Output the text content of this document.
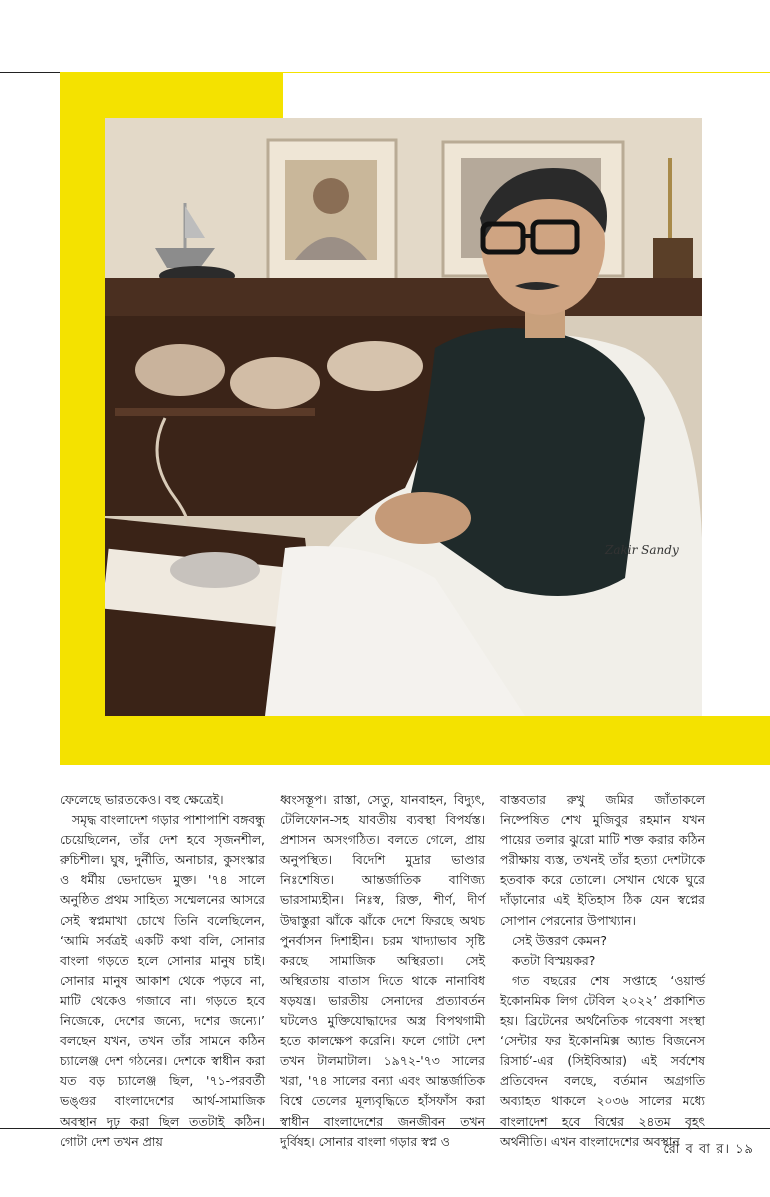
Zakir Sandy

ফেলেছে ভারতকেও। বহু ক্ষেত্রেই।

সমৃদ্ধ বাংলাদেশ গড়ার পাশাপাশি বঙ্গবন্ধু চেয়েছিলেন, তাঁর দেশ হবে সৃজনশীল, রুচিশীল। ঘুষ, দুর্নীতি, অনাচার, কুসংস্কার ও ধর্মীয় ভেদাভেদ মুক্ত। '৭৪ সালে অনুষ্ঠিত প্রথম সাহিত্য সম্মেলনের আসরে সেই স্বপ্নমাখা চোখে তিনি বলেছিলেন, ‘আমি সর্বত্রই একটি কথা বলি, সোনার বাংলা গড়তে হলে সোনার মানুষ চাই। সোনার মানুষ আকাশ থেকে পড়বে না, মাটি থেকেও গজাবে না। গড়তে হবে নিজেকে, দেশের জন্যে, দশের জন্যে।’ বলছেন যখন, তখন তাঁর সামনে কঠিন চ্যালেঞ্জ দেশ গঠনের। দেশকে স্বাধীন করা যত বড় চ্যালেঞ্জ ছিল, '৭১-পরবর্তী ভঙ্গুর বাংলাদেশের আর্থ-সামাজিক অবস্থান দৃঢ় করা ছিল ততটাই কঠিন। গোটা দেশ তখন প্রায়

ধ্বংসস্তূপ। রাস্তা, সেতু, যানবাহন, বিদ্যুৎ, টেলিফোন-সহ যাবতীয় ব্যবস্থা বিপর্যস্ত। প্রশাসন অসংগঠিত। বলতে গেলে, প্রায় অনুপস্থিত। বিদেশি মুদ্রার ভাণ্ডার নিঃশেষিত। আন্তর্জাতিক বাণিজ্য ভারসাম্যহীন। নিঃস্ব, রিক্ত, শীর্ণ, দীর্ণ উদ্বাস্তুরা ঝাঁকে ঝাঁকে দেশে ফিরছে অথচ পুনর্বাসন দিশাহীন। চরম খাদ্যাভাব সৃষ্টি করছে সামাজিক অস্থিরতা। সেই অস্থিরতায় বাতাস দিতে থাকে নানাবিধ ষড়যন্ত্র। ভারতীয় সেনাদের প্রত্যাবর্তন ঘটলেও মুক্তিযোদ্ধাদের অস্ত্র বিপথগামী হতে কালক্ষেপ করেনি। ফলে গোটা দেশ তখন টালমাটাল। ১৯৭২-'৭৩ সালের খরা, '৭৪ সালের বন্যা এবং আন্তর্জাতিক বিশ্বে তেলের মূল্যবৃদ্ধিতে হাঁসফাঁস করা স্বাধীন বাংলাদেশের জনজীবন তখন দুর্বিষহ। সোনার বাংলা গড়ার স্বপ্ন ও

বাস্তবতার রুখু জমির জাঁতাকলে নিষ্পেষিত শেখ মুজিবুর রহমান যখন পায়ের তলার ঝুরো মাটি শক্ত করার কঠিন পরীক্ষায় ব্যস্ত, তখনই তাঁর হত্যা দেশটাকে হতবাক করে তোলে। সেখান থেকে ঘুরে দাঁড়ানোর এই ইতিহাস ঠিক যেন স্বপ্নের সোপান পেরনোর উপাখ্যান।

সেই উত্তরণ কেমন?

কতটা বিস্ময়কর?

গত বছরের শেষ সপ্তাহে ‘ওয়ার্ল্ড ইকোনমিক লিগ টেবিল ২০২২’ প্রকাশিত হয়। ব্রিটেনের অর্থনৈতিক গবেষণা সংস্থা ‘সেন্টার ফর ইকোনমিক্স অ্যান্ড বিজনেস রিসার্চ’-এর (সিইবিআর) এই সর্বশেষ প্রতিবেদন বলছে, বর্তমান অগ্রগতি অব্যাহত থাকলে ২০৩৬ সালের মধ্যে বাংলাদেশ হবে বিশ্বের ২৪তম বৃহৎ অর্থনীতি। এখন বাংলাদেশের অবস্থান

রো ব বা র। ১৯
